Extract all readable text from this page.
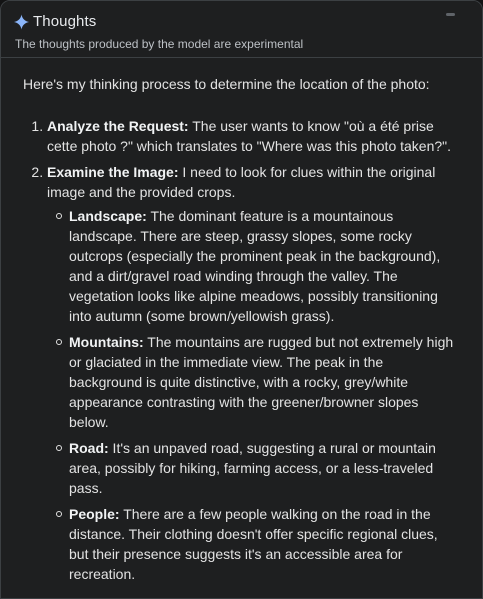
Thoughts
The thoughts produced by the model are experimental

Here's my thinking process to determine the location of the photo:

1. Analyze the Request: The user wants to know "où a été prise cette photo ?" which translates to "Where was this photo taken?".
2. Examine the Image: I need to look for clues within the original image and the provided crops.
Landscape: The dominant feature is a mountainous landscape. There are steep, grassy slopes, some rocky outcrops (especially the prominent peak in the background), and a dirt/gravel road winding through the valley. The vegetation looks like alpine meadows, possibly transitioning into autumn (some brown/yellowish grass).
Mountains: The mountains are rugged but not extremely high or glaciated in the immediate view. The peak in the background is quite distinctive, with a rocky, grey/white appearance contrasting with the greener/browner slopes below.
Road: It's an unpaved road, suggesting a rural or mountain area, possibly for hiking, farming access, or a less-traveled pass.
People: There are a few people walking on the road in the distance. Their clothing doesn't offer specific regional clues, but their presence suggests it's an accessible area for recreation.
